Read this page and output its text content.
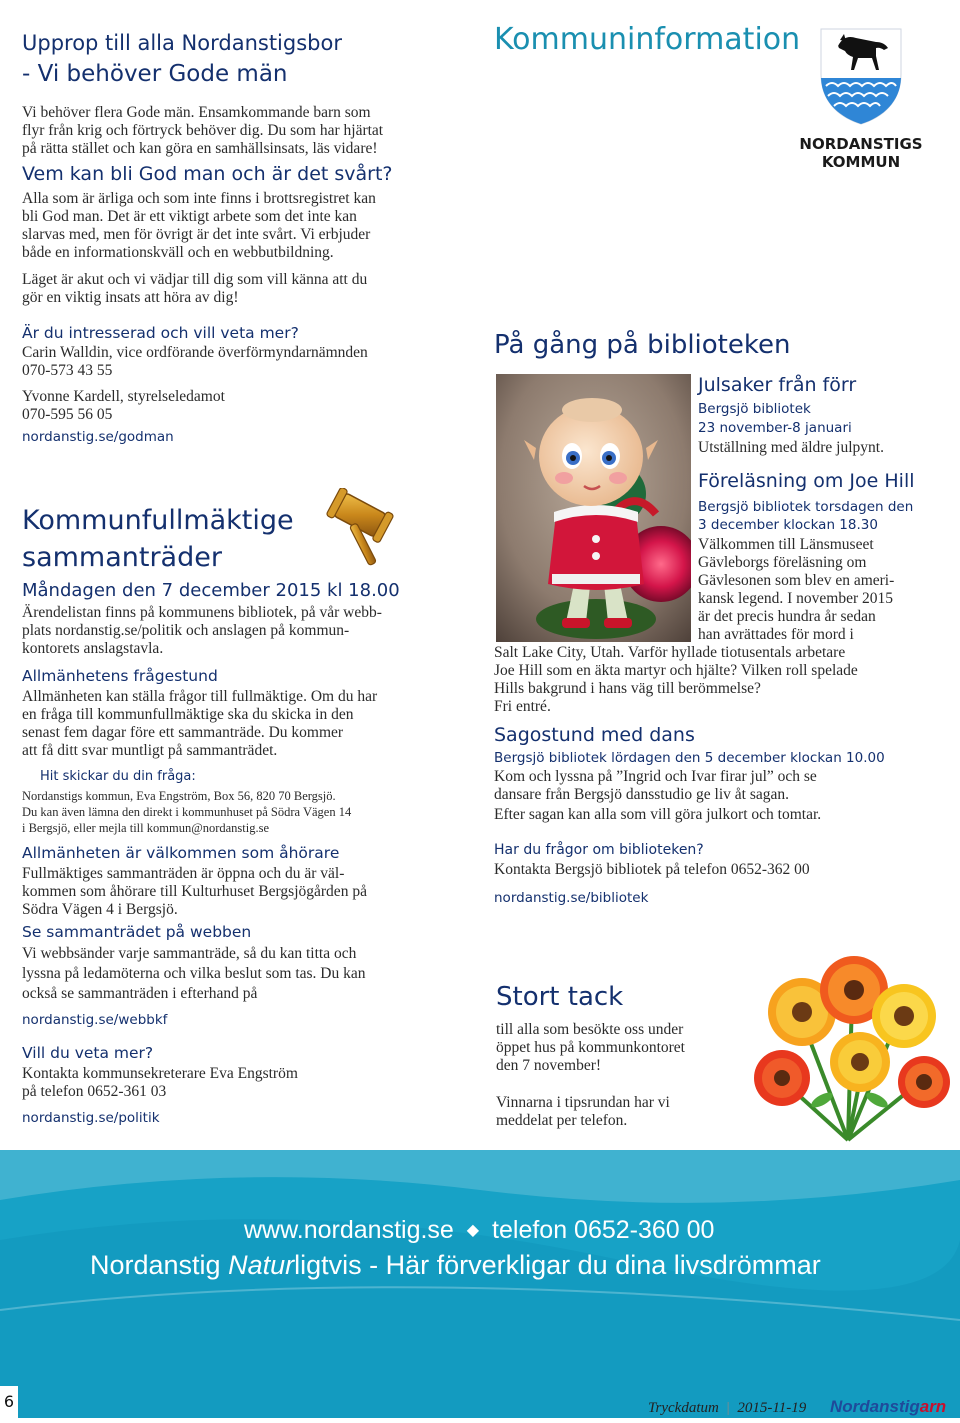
Upprop till alla Nordanstigsbor
- Vi behöver Gode män
Vi behöver flera Gode män. Ensamkommande barn som
flyr från krig och förtryck behöver dig. Du som har hjärtat
på rätta stället och kan göra en samhällsinsats, läs vidare!
Vem kan bli God man och är det svårt?
Alla som är ärliga och som inte finns i brottsregistret kan
bli God man. Det är ett viktigt arbete som det inte kan
slarvas med, men för övrigt är det inte svårt. Vi erbjuder
både en informationskväll och en webbutbildning.
Läget är akut och vi vädjar till dig som vill känna att du
gör en viktig insats att höra av dig!
Är du intresserad och vill veta mer?
Carin Walldin, vice ordförande överförmyndarnämnden
070-573 43 55
Yvonne Kardell, styrelseledamot
070-595 56 05
nordanstig.se/godman
Kommunfullmäktige
sammanträder
Måndagen den 7 december 2015 kl 18.00
Ärendelistan finns på kommunens bibliotek, på vår webb-
plats nordanstig.se/politik och anslagen på kommun-
kontorets anslagstavla.
Allmänhetens frågestund
Allmänheten kan ställa frågor till fullmäktige. Om du har
en fråga till kommunfullmäktige ska du skicka in den
senast fem dagar före ett sammanträde. Du kommer
att få ditt svar muntligt på sammanträdet.
Hit skickar du din fråga:
Nordanstigs kommun, Eva Engström, Box 56, 820 70 Bergsjö.
Du kan även lämna den direkt i kommunhuset på Södra Vägen 14
i Bergsjö, eller mejla till kommun@nordanstig.se
Allmänheten är välkommen som åhörare
Fullmäktiges sammanträden är öppna och du är väl-
kommen som åhörare till Kulturhuset Bergsjögården på
Södra Vägen 4 i Bergsjö.
Se sammanträdet på webben
Vi webbsänder varje sammanträde, så du kan titta och
lyssna på ledamöterna och vilka beslut som tas. Du kan
också se sammanträden i efterhand på
nordanstig.se/webbkf
Vill du veta mer?
Kontakta kommunsekreterare Eva Engström
på telefon 0652-361 03
nordanstig.se/politik
Kommuninformation
NORDANSTIGS
KOMMUN
På gång på biblioteken
Julsaker från förr
Bergsjö bibliotek
23 november-8 januari
Utställning med äldre julpynt.
Föreläsning om Joe Hill
Bergsjö bibliotek torsdagen den
3 december klockan 18.30
Välkommen till Länsmuseet
Gävleborgs föreläsning om
Gävlesonen som blev en ameri-
kansk legend. I november 2015
är det precis hundra år sedan
han avrättades för mord i
Salt Lake City, Utah. Varför hyllade tiotusentals arbetare
Joe Hill som en äkta martyr och hjälte? Vilken roll spelade
Hills bakgrund i hans väg till berömmelse?
Fri entré.
Sagostund med dans
Bergsjö bibliotek lördagen den 5 december klockan 10.00
Kom och lyssna på ”Ingrid och Ivar firar jul” och se
dansare från Bergsjö dansstudio ge liv åt sagan.
Efter sagan kan alla som vill göra julkort och tomtar.
Har du frågor om biblioteken?
Kontakta Bergsjö bibliotek på telefon 0652-362 00
nordanstig.se/bibliotek
Stort tack
till alla som besökte oss under
öppet hus på kommunkontoret
den 7 november!
Vinnarna i tipsrundan har vi
meddelat per telefon.
www.nordanstig.se ◆ telefon 0652-360 00
Nordanstig Naturligtvis - Här förverkligar du dina livsdrömmar
6	Tryckdatum | 2015-11-19 Nordanstigarn
